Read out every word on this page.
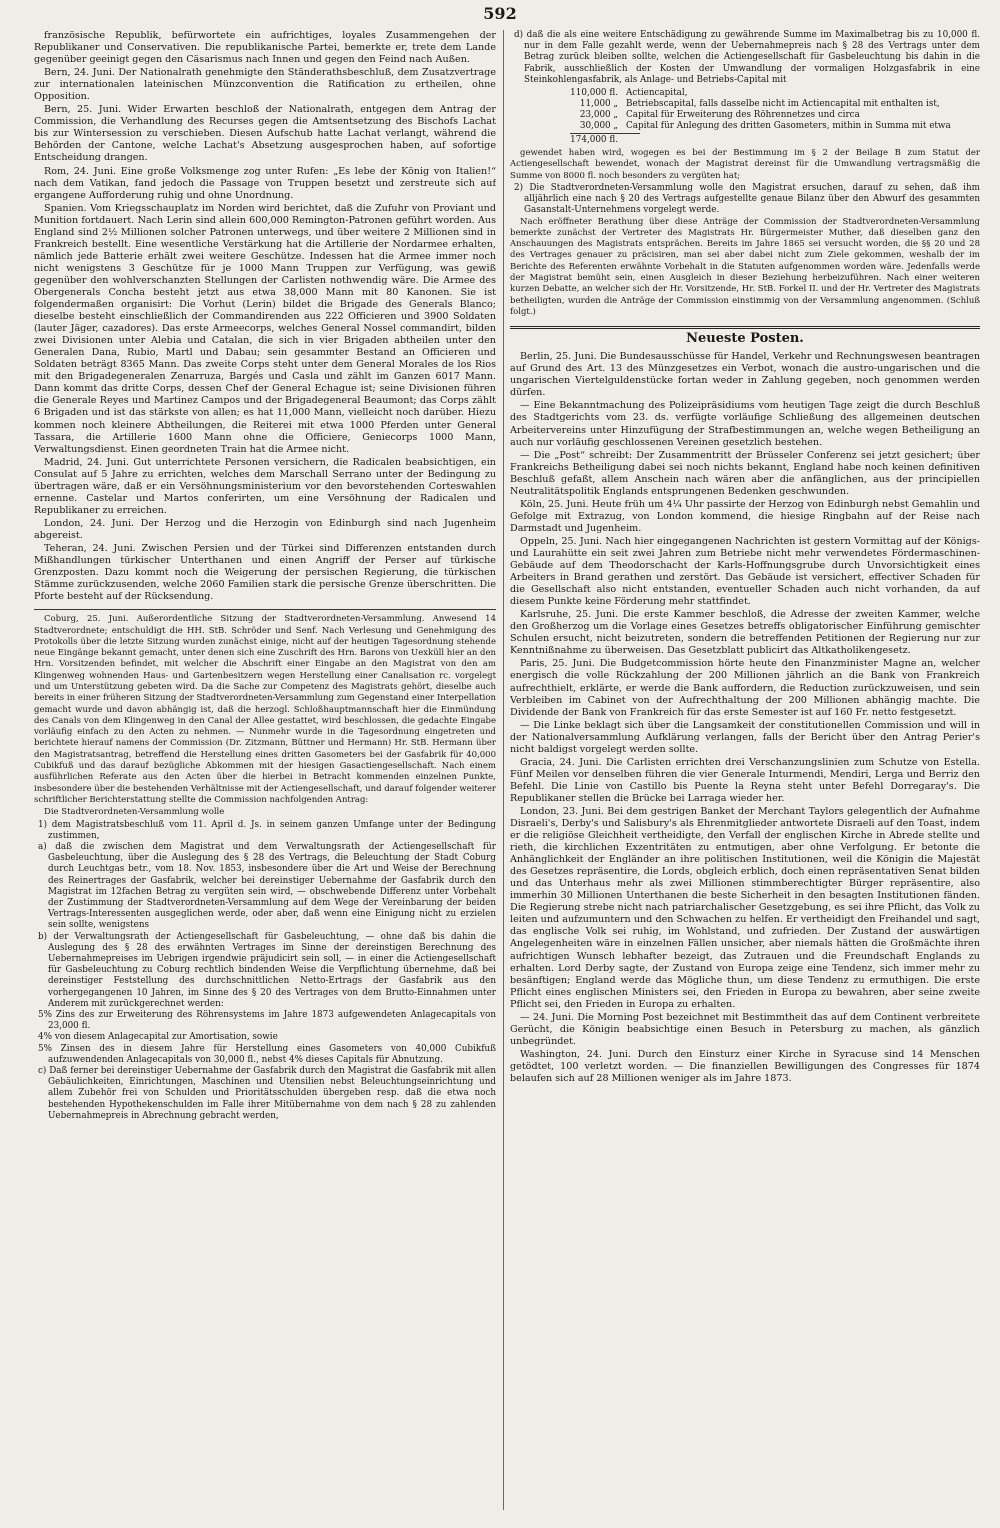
592

französische Republik, befürwortete ein aufrichtiges, loyales Zusammengehen der Republikaner und Conservativen. Die republikanische Partei, bemerkte er, trete dem Lande gegenüber geeinigt gegen den Cäsarismus nach Innen und gegen den Feind nach Außen.

Bern, 24. Juni. Der Nationalrath genehmigte den Ständerathsbeschluß, dem Zusatzvertrage zur internationalen lateinischen Münzconvention die Ratification zu ertheilen, ohne Opposition.

Bern, 25. Juni. Wider Erwarten beschloß der Nationalrath, entgegen dem Antrag der Commission, die Verhandlung des Recurses gegen die Amtsentsetzung des Bischofs Lachat bis zur Wintersession zu verschieben. Diesen Aufschub hatte Lachat verlangt, während die Behörden der Cantone, welche Lachat's Absetzung ausgesprochen haben, auf sofortige Entscheidung drangen.

Rom, 24. Juni. Eine große Volksmenge zog unter Rufen: „Es lebe der König von Italien!“ nach dem Vatikan, fand jedoch die Passage von Truppen besetzt und zerstreute sich auf ergangene Aufforderung ruhig und ohne Unordnung.

Spanien. Vom Kriegsschauplatz im Norden wird berichtet, daß die Zufuhr von Proviant und Munition fortdauert. Nach Lerin sind allein 600,000 Remington-Patronen geführt worden. Aus England sind 2½ Millionen solcher Patronen unterwegs, und über weitere 2 Millionen sind in Frankreich bestellt. Eine wesentliche Verstärkung hat die Artillerie der Nordarmee erhalten, nämlich jede Batterie erhält zwei weitere Geschütze. Indessen hat die Armee immer noch nicht wenigstens 3 Geschütze für je 1000 Mann Truppen zur Verfügung, was gewiß gegenüber den wohlverschanzten Stellungen der Carlisten nothwendig wäre. Die Armee des Obergenerals Concha besteht jetzt aus etwa 38,000 Mann mit 80 Kanonen. Sie ist folgendermaßen organisirt: Die Vorhut (Lerin) bildet die Brigade des Generals Blanco; dieselbe besteht einschließlich der Commandirenden aus 222 Officieren und 3900 Soldaten (lauter Jäger, cazadores). Das erste Armeecorps, welches General Nossel commandirt, bilden zwei Divisionen unter Alebia und Catalan, die sich in vier Brigaden abtheilen unter den Generalen Dana, Rubio, Martl und Dabau; sein gesammter Bestand an Officieren und Soldaten beträgt 8365 Mann. Das zweite Corps steht unter dem General Morales de los Rios mit den Brigadegeneralen Zenarruza, Bargés und Casla und zählt im Ganzen 6017 Mann. Dann kommt das dritte Corps, dessen Chef der General Echague ist; seine Divisionen führen die Generale Reyes und Martinez Campos und der Brigadegeneral Beaumont; das Corps zählt 6 Brigaden und ist das stärkste von allen; es hat 11,000 Mann, vielleicht noch darüber. Hiezu kommen noch kleinere Abtheilungen, die Reiterei mit etwa 1000 Pferden unter General Tassara, die Artillerie 1600 Mann ohne die Officiere, Geniecorps 1000 Mann, Verwaltungsdienst. Einen geordneten Train hat die Armee nicht.

Madrid, 24. Juni. Gut unterrichtete Personen versichern, die Radicalen beabsichtigen, ein Consulat auf 5 Jahre zu errichten, welches dem Marschall Serrano unter der Bedingung zu übertragen wäre, daß er ein Versöhnungsministerium vor den bevorstehenden Corteswahlen ernenne. Castelar und Martos conferirten, um eine Versöhnung der Radicalen und Republikaner zu erreichen.

London, 24. Juni. Der Herzog und die Herzogin von Edinburgh sind nach Jugenheim abgereist.

Teheran, 24. Juni. Zwischen Persien und der Türkei sind Differenzen entstanden durch Mißhandlungen türkischer Unterthanen und einen Angriff der Perser auf türkische Grenzposten. Dazu kommt noch die Weigerung der persischen Regierung, die türkischen Stämme zurückzusenden, welche 2060 Familien stark die persische Grenze überschritten. Die Pforte besteht auf der Rücksendung.

Coburg, 25. Juni. Außerordentliche Sitzung der Stadtverordneten-Versammlung. Anwesend 14 Stadtverordnete; entschuldigt die HH. StB. Schröder und Senf. Nach Verlesung und Genehmigung des Protokolls über die letzte Sitzung wurden zunächst einige, nicht auf der heutigen Tagesordnung stehende neue Eingänge bekannt gemacht, unter denen sich eine Zuschrift des Hrn. Barons von Uexküll hier an den Hrn. Vorsitzenden befindet, mit welcher die Abschrift einer Eingabe an den Magistrat von den am Klingenweg wohnenden Haus- und Gartenbesitzern wegen Herstellung einer Canalisation rc. vorgelegt und um Unterstützung gebeten wird. Da die Sache zur Competenz des Magistrats gehört, dieselbe auch bereits in einer früheren Sitzung der Stadtverordneten-Versammlung zum Gegenstand einer Interpellation gemacht wurde und davon abhängig ist, daß die herzogl. Schloßhauptmannschaft hier die Einmündung des Canals von dem Klingenweg in den Canal der Allee gestattet, wird beschlossen, die gedachte Eingabe vorläufig einfach zu den Acten zu nehmen. — Nunmehr wurde in die Tagesordnung eingetreten und berichtete hierauf namens der Commission (Dr. Zitzmann, Büttner und Hermann) Hr. StB. Hermann über den Magistratsantrag, betreffend die Herstellung eines dritten Gasometers bei der Gasfabrik für 40,000 Cubikfuß und das darauf bezügliche Abkommen mit der hiesigen Gasactiengesellschaft. Nach einem ausführlichen Referate aus den Acten über die hierbei in Betracht kommenden einzelnen Punkte, insbesondere über die bestehenden Verhältnisse mit der Actiengesellschaft, und darauf folgender weiterer schriftlicher Berichterstattung stellte die Commission nachfolgenden Antrag:

Die Stadtverordneten-Versammlung wolle

1) dem Magistratsbeschluß vom 11. April d. Js. in seinem ganzen Umfange unter der Bedingung zustimmen,
a) daß die zwischen dem Magistrat und dem Verwaltungsrath der Actiengesellschaft für Gasbeleuchtung, über die Auslegung des § 28 des Vertrags, die Beleuchtung der Stadt Coburg durch Leuchtgas betr., vom 18. Nov. 1853, insbesondere über die Art und Weise der Berechnung des Reinertrages der Gasfabrik, welcher bei dereinstiger Uebernahme der Gasfabrik durch den Magistrat im 12fachen Betrag zu vergüten sein wird, — obschwebende Differenz unter Vorbehalt der Zustimmung der Stadtverordneten-Versammlung auf dem Wege der Vereinbarung der beiden Vertrags-Interessenten ausgeglichen werde, oder aber, daß wenn eine Einigung nicht zu erzielen sein sollte, wenigstens
b) der Verwaltungsrath der Actiengesellschaft für Gasbeleuchtung, — ohne daß bis dahin die Auslegung des § 28 des erwähnten Vertrages im Sinne der dereinstigen Berechnung des Uebernahmepreises im Uebrigen irgendwie präjudicirt sein soll, — in einer die Actiengesellschaft für Gasbeleuchtung zu Coburg rechtlich bindenden Weise die Verpflichtung übernehme, daß bei dereinstiger Feststellung des durchschnittlichen Netto-Ertrags der Gasfabrik aus den vorhergegangenen 10 Jahren, im Sinne des § 20 des Vertrages von dem Brutto-Einnahmen unter Anderem mit zurückgerechnet werden:
5% Zins des zur Erweiterung des Röhrensystems im Jahre 1873 aufgewendeten Anlagecapitals von 23,000 fl.
4% von diesem Anlagecapital zur Amortisation, sowie
5% Zinsen des in diesem Jahre für Herstellung eines Gasometers von 40,000 Cubikfuß aufzuwendenden Anlagecapitals von 30,000 fl., nebst 4% dieses Capitals für Abnutzung.
c) Daß ferner bei dereinstiger Uebernahme der Gasfabrik durch den Magistrat die Gasfabrik mit allen Gebäulichkeiten, Einrichtungen, Maschinen und Utensilien nebst Beleuchtungseinrichtung und allem Zubehör frei von Schulden und Prioritätsschulden übergeben resp. daß die etwa noch bestehenden Hypothekenschulden im Falle ihrer Mitübernahme von dem nach § 28 zu zahlenden Uebernahmepreis in Abrechnung gebracht werden,
d) daß die als eine weitere Entschädigung zu gewährende Summe im Maximalbetrag bis zu 10,000 fl. nur in dem Falle gezahlt werde, wenn der Uebernahmepreis nach § 28 des Vertrags unter dem Betrag zurück bleiben sollte, welchen die Actiengesellschaft für Gasbeleuchtung bis dahin in die Fabrik, ausschließlich der Kosten der Umwandlung der vormaligen Holzgasfabrik in eine Steinkohlengasfabrik, als Anlage- und Betriebs-Capital mit
110,000 fl. Actiencapital,
11,000 „ Betriebscapital, falls dasselbe nicht im Actiencapital mit enthalten ist,
23,000 „ Capital für Erweiterung des Röhrennetzes und circa
30,000 „ Capital für Anlegung des dritten Gasometers, mithin in Summa mit etwa
174,000 fl.

gewendet haben wird, wogegen es bei der Bestimmung im § 2 der Beilage B zum Statut der Actiengesellschaft bewendet, wonach der Magistrat dereinst für die Umwandlung vertragsmäßig die Summe von 8000 fl. noch besonders zu vergüten hat;

2) Die Stadtverordneten-Versammlung wolle den Magistrat ersuchen, darauf zu sehen, daß ihm alljährlich eine nach § 20 des Vertrags aufgestellte genaue Bilanz über den Abwurf des gesammten Gasanstalt-Unternehmens vorgelegt werde.

Nach eröffneter Berathung über diese Anträge der Commission der Stadtverordneten-Versammlung bemerkte zunächst der Vertreter des Magistrats Hr. Bürgermeister Muther, daß dieselben ganz den Anschauungen des Magistrats entsprächen. Bereits im Jahre 1865 sei versucht worden, die §§ 20 und 28 des Vertrages genauer zu präcisiren, man sei aber dabei nicht zum Ziele gekommen, weshalb der im Berichte des Referenten erwähnte Vorbehalt in die Statuten aufgenommen worden wäre. Jedenfalls werde der Magistrat bemüht sein, einen Ausgleich in dieser Beziehung herbeizuführen. Nach einer weiteren kurzen Debatte, an welcher sich der Hr. Vorsitzende, Hr. StB. Forkel II. und der Hr. Vertreter des Magistrats betheiligten, wurden die Anträge der Commission einstimmig von der Versammlung angenommen. (Schluß folgt.)

Neueste Posten.

Berlin, 25. Juni. Die Bundesausschüsse für Handel, Verkehr und Rechnungswesen beantragen auf Grund des Art. 13 des Münzgesetzes ein Verbot, wonach die austro-ungarischen und die ungarischen Viertelguldenstücke fortan weder in Zahlung gegeben, noch genommen werden dürfen.

— Eine Bekanntmachung des Polizeipräsidiums vom heutigen Tage zeigt die durch Beschluß des Stadtgerichts vom 23. ds. verfügte vorläufige Schließung des allgemeinen deutschen Arbeitervereins unter Hinzufügung der Strafbestimmungen an, welche wegen Betheiligung an auch nur vorläufig geschlossenen Vereinen gesetzlich bestehen.

— Die „Post“ schreibt: Der Zusammentritt der Brüsseler Conferenz sei jetzt gesichert; über Frankreichs Betheiligung dabei sei noch nichts bekannt, England habe noch keinen definitiven Beschluß gefaßt, allem Anschein nach wären aber die anfänglichen, aus der principiellen Neutralitätspolitik Englands entsprungenen Bedenken geschwunden.

Köln, 25. Juni. Heute früh um 4¼ Uhr passirte der Herzog von Edinburgh nebst Gemahlin und Gefolge mit Extrazug, von London kommend, die hiesige Ringbahn auf der Reise nach Darmstadt und Jugenheim.

Oppeln, 25. Juni. Nach hier eingegangenen Nachrichten ist gestern Vormittag auf der Königs- und Laurahütte ein seit zwei Jahren zum Betriebe nicht mehr verwendetes Fördermaschinen-Gebäude auf dem Theodorschacht der Karls-Hoffnungsgrube durch Unvorsichtigkeit eines Arbeiters in Brand gerathen und zerstört. Das Gebäude ist versichert, effectiver Schaden für die Gesellschaft also nicht entstanden, eventueller Schaden auch nicht vorhanden, da auf diesem Punkte keine Förderung mehr stattfindet.

Karlsruhe, 25. Juni. Die erste Kammer beschloß, die Adresse der zweiten Kammer, welche den Großherzog um die Vorlage eines Gesetzes betreffs obligatorischer Einführung gemischter Schulen ersucht, nicht beizutreten, sondern die betreffenden Petitionen der Regierung nur zur Kenntnißnahme zu überweisen. Das Gesetzblatt publicirt das Altkatholikengesetz.

Paris, 25. Juni. Die Budgetcommission hörte heute den Finanzminister Magne an, welcher energisch die volle Rückzahlung der 200 Millionen jährlich an die Bank von Frankreich aufrechthielt, erklärte, er werde die Bank auffordern, die Reduction zurückzuweisen, und sein Verbleiben im Cabinet von der Aufrechthaltung der 200 Millionen abhängig machte. Die Dividende der Bank von Frankreich für das erste Semester ist auf 160 Fr. netto festgesetzt.

— Die Linke beklagt sich über die Langsamkeit der constitutionellen Commission und will in der Nationalversammlung Aufklärung verlangen, falls der Bericht über den Antrag Perier's nicht baldigst vorgelegt werden sollte.

Gracia, 24. Juni. Die Carlisten errichten drei Verschanzungslinien zum Schutze von Estella. Fünf Meilen vor denselben führen die vier Generale Inturmendi, Mendiri, Lerga und Berriz den Befehl. Die Linie von Castillo bis Puente la Reyna steht unter Befehl Dorregaray's. Die Republikaner stellen die Brücke bei Larraga wieder her.

London, 23. Juni. Bei dem gestrigen Banket der Merchant Taylors gelegentlich der Aufnahme Disraeli's, Derby's und Salisbury's als Ehrenmitglieder antwortete Disraeli auf den Toast, indem er die religiöse Gleichheit vertheidigte, den Verfall der englischen Kirche in Abrede stellte und rieth, die kirchlichen Exzentritäten zu entmutigen, aber ohne Verfolgung. Er betonte die Anhänglichkeit der Engländer an ihre politischen Institutionen, weil die Königin die Majestät des Gesetzes repräsentire, die Lords, obgleich erblich, doch einen repräsentativen Senat bilden und das Unterhaus mehr als zwei Millionen stimmberechtigter Bürger repräsentire, also immerhin 30 Millionen Unterthanen die beste Sicherheit in den besagten Institutionen fänden. Die Regierung strebe nicht nach patriarchalischer Gesetzgebung, es sei ihre Pflicht, das Volk zu leiten und aufzumuntern und den Schwachen zu helfen. Er vertheidigt den Freihandel und sagt, das englische Volk sei ruhig, im Wohlstand, und zufrieden. Der Zustand der auswärtigen Angelegenheiten wäre in einzelnen Fällen unsicher, aber niemals hätten die Großmächte ihren aufrichtigen Wunsch lebhafter bezeigt, das Zutrauen und die Freundschaft Englands zu erhalten. Lord Derby sagte, der Zustand von Europa zeige eine Tendenz, sich immer mehr zu besänftigen; England werde das Mögliche thun, um diese Tendenz zu ermuthigen. Die erste Pflicht eines englischen Ministers sei, den Frieden in Europa zu bewahren, aber seine zweite Pflicht sei, den Frieden in Europa zu erhalten.

— 24. Juni. Die Morning Post bezeichnet mit Bestimmtheit das auf dem Continent verbreitete Gerücht, die Königin beabsichtige einen Besuch in Petersburg zu machen, als gänzlich unbegründet.

Washington, 24. Juni. Durch den Einsturz einer Kirche in Syracuse sind 14 Menschen getödtet, 100 verletzt worden. — Die finanziellen Bewilligungen des Congresses für 1874 belaufen sich auf 28 Millionen weniger als im Jahre 1873.
